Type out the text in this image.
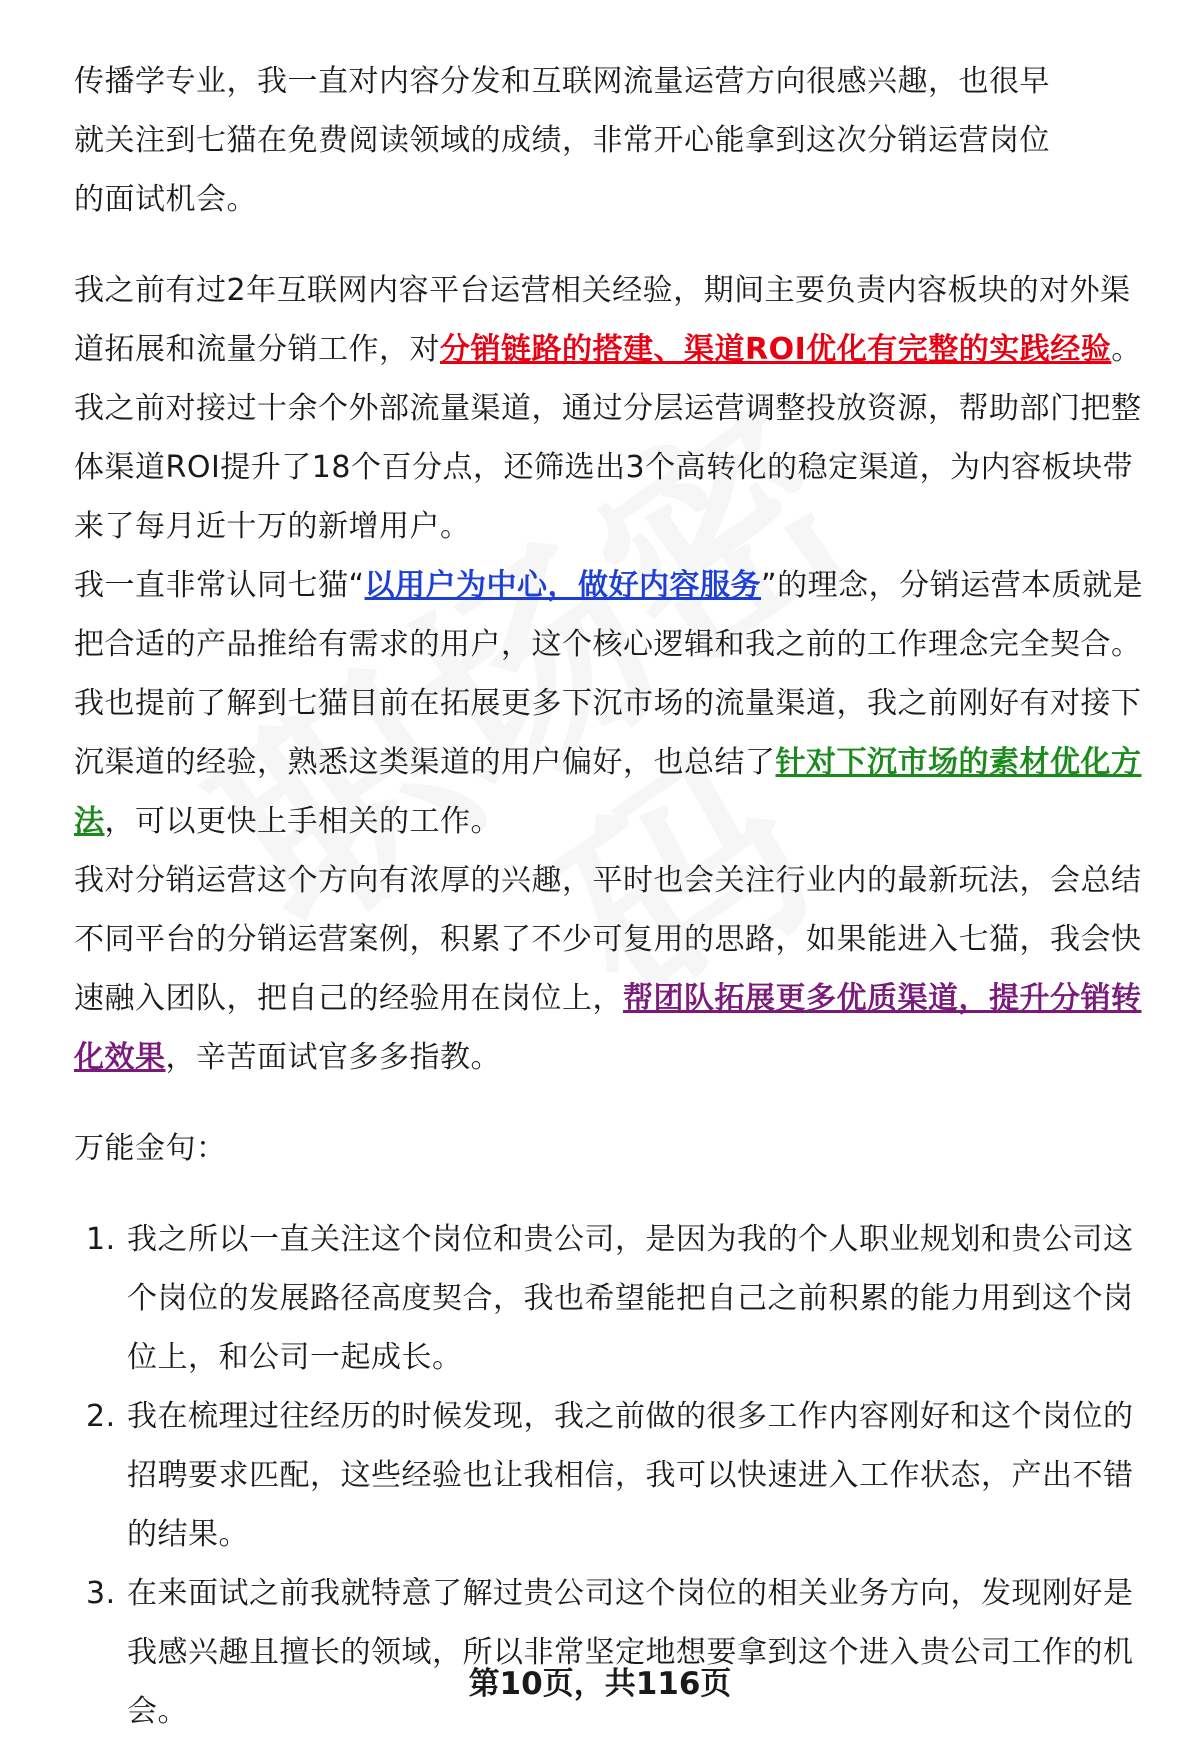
传播学专业，我一直对内容分发和互联网流量运营方向很感兴趣，也很早就关注到七猫在免费阅读领域的成绩，非常开心能拿到这次分销运营岗位的面试机会。

我之前有过2年互联网内容平台运营相关经验，期间主要负责内容板块的对外渠道拓展和流量分销工作，对分销链路的搭建、渠道ROI优化有完整的实践经验。我之前对接过十余个外部流量渠道，通过分层运营调整投放资源，帮助部门把整体渠道ROI提升了18个百分点，还筛选出3个高转化的稳定渠道，为内容板块带来了每月近十万的新增用户。

我一直非常认同七猫“以用户为中心，做好内容服务”的理念，分销运营本质就是把合适的产品推给有需求的用户，这个核心逻辑和我之前的工作理念完全契合。我也提前了解到七猫目前在拓展更多下沉市场的流量渠道，我之前刚好有对接下沉渠道的经验，熟悉这类渠道的用户偏好，也总结了针对下沉市场的素材优化方法，可以更快上手相关的工作。

我对分销运营这个方向有浓厚的兴趣，平时也会关注行业内的最新玩法，会总结不同平台的分销运营案例，积累了不少可复用的思路，如果能进入七猫，我会快速融入团队，把自己的经验用在岗位上，帮团队拓展更多优质渠道，提升分销转化效果，辛苦面试官多多指教。

万能金句：

1. 我之所以一直关注这个岗位和贵公司，是因为我的个人职业规划和贵公司这个岗位的发展路径高度契合，我也希望能把自己之前积累的能力用到这个岗位上，和公司一起成长。
2. 我在梳理过往经历的时候发现，我之前做的很多工作内容刚好和这个岗位的招聘要求匹配，这些经验也让我相信，我可以快速进入工作状态，产出不错的结果。
3. 在来面试之前我就特意了解过贵公司这个岗位的相关业务方向，发现刚好是我感兴趣且擅长的领域，所以非常坚定地想要拿到这个进入贵公司工作的机会。
第10页，共116页
